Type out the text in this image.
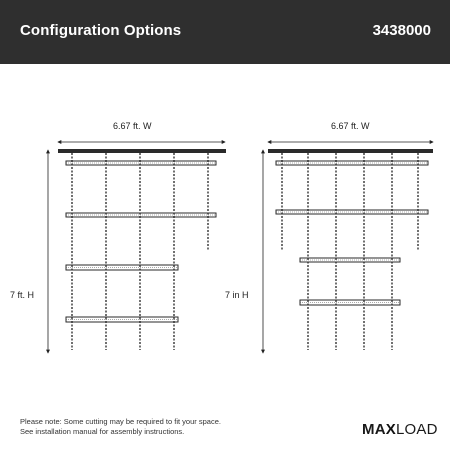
Configuration Options	3438000
6.67 ft. W
7 ft. H
6.67 ft. W
7 in H
Please note: Some cutting may be required to fit your space.
See installation manual for assembly instructions.	MAXLOAD
